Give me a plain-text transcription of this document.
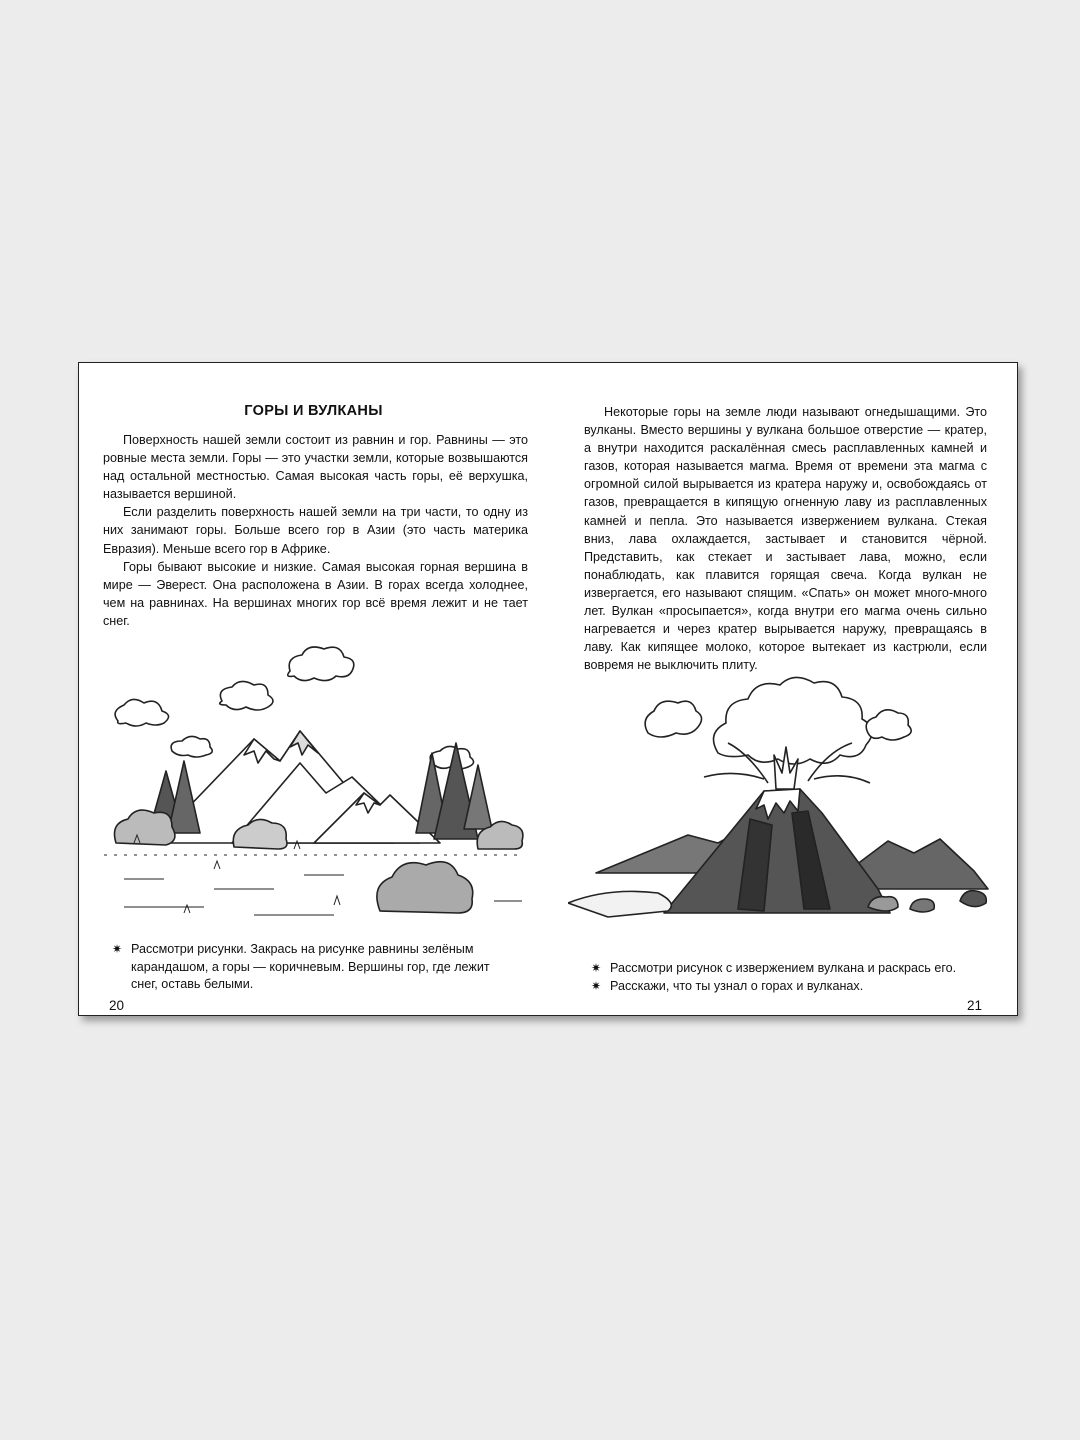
ГОРЫ И ВУЛКАНЫ

Поверхность нашей земли состоит из равнин и гор. Равнины — это ровные места земли. Горы — это участки земли, которые возвышаются над остальной местностью. Самая высокая часть горы, её верхушка, называется вершиной.

Если разделить поверхность нашей земли на три части, то одну из них занимают горы. Больше всего гор в Азии (это часть материка Евразия). Меньше всего гор в Африке.

Горы бывают высокие и низкие. Самая высокая горная вершина в мире — Эверест. Она расположена в Азии. В горах всегда холоднее, чем на равнинах. На вершинах многих гор всё время лежит и не тает снег.

✷ Рассмотри рисунки. Закрась на рисунке равнины зелёным карандашом, а горы — коричневым. Вершины гор, где лежит снег, оставь белыми.
20

Некоторые горы на земле люди называют огнедышащими. Это вулканы. Вместо вершины у вулкана большое отверстие — кратер, а внутри находится раскалённая смесь расплавленных камней и газов, которая называется магма. Время от времени эта магма с огромной силой вырывается из кратера наружу и, освобождаясь от газов, превращается в кипящую огненную лаву из расплавленных камней и пепла. Это называется извержением вулкана. Стекая вниз, лава охлаждается, застывает и становится чёрной. Представить, как стекает и застывает лава, можно, если понаблюдать, как плавится горящая свеча. Когда вулкан не извергается, его называют спящим. «Спать» он может много-много лет. Вулкан «просыпается», когда внутри его магма очень сильно нагревается и через кратер вырывается наружу, превращаясь в лаву. Как кипящее молоко, которое вытекает из кастрюли, если вовремя не выключить плиту.

✷ Рассмотри рисунок с извержением вулкана и раскрась его.
✷ Расскажи, что ты узнал о горах и вулканах.
21
